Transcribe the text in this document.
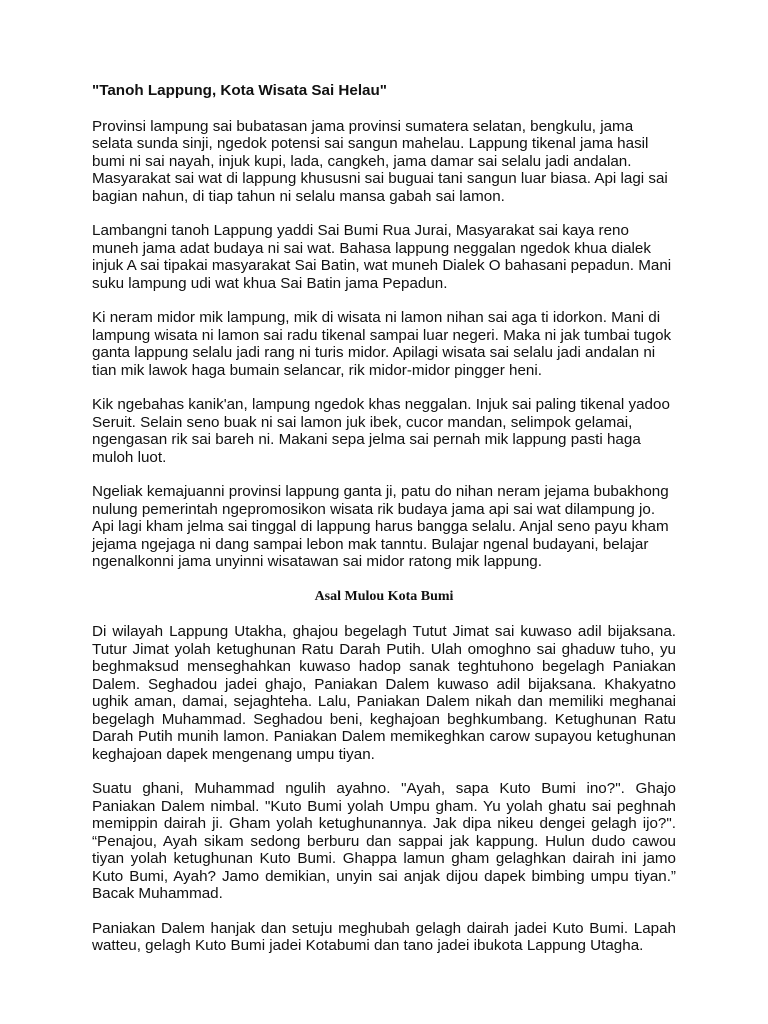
"Tanoh Lappung, Kota Wisata Sai Helau"

Provinsi lampung sai bubatasan jama provinsi sumatera selatan, bengkulu, jama selata sunda sinji, ngedok potensi sai sangun mahelau. Lappung tikenal jama hasil bumi ni sai nayah, injuk kupi, lada, cangkeh, jama damar sai selalu jadi andalan. Masyarakat sai wat di lappung khususni sai buguai tani sangun luar biasa. Api lagi sai bagian nahun, di tiap tahun ni selalu mansa gabah sai lamon.

Lambangni tanoh Lappung yaddi Sai Bumi Rua Jurai, Masyarakat sai kaya reno muneh jama adat budaya ni sai wat. Bahasa lappung neggalan ngedok khua dialek injuk A sai tipakai masyarakat Sai Batin, wat muneh Dialek O bahasani pepadun. Mani suku lampung udi wat khua Sai Batin jama Pepadun.

Ki neram midor mik lampung, mik di wisata ni lamon nihan sai aga ti idorkon. Mani di lampung wisata ni lamon sai radu tikenal sampai luar negeri. Maka ni jak tumbai tugok ganta lappung selalu jadi rang ni turis midor. Apilagi wisata sai selalu jadi andalan ni tian mik lawok haga bumain selancar, rik midor-midor pingger heni.

Kik ngebahas kanik'an, lampung ngedok khas neggalan. Injuk sai paling tikenal yadoo Seruit. Selain seno buak ni sai lamon juk ibek, cucor mandan, selimpok gelamai, ngengasan rik sai bareh ni. Makani sepa jelma sai pernah mik lappung pasti haga muloh luot.

Ngeliak kemajuanni provinsi lappung ganta ji, patu do nihan neram jejama bubakhong nulung pemerintah ngepromosikon wisata rik budaya jama api sai wat dilampung jo. Api lagi kham jelma sai tinggal di lappung harus bangga selalu. Anjal seno payu kham jejama ngejaga ni dang sampai lebon mak tanntu. Bulajar ngenal budayani, belajar ngenalkonni jama unyinni wisatawan sai midor ratong mik lappung.

Asal Mulou Kota Bumi

Di wilayah Lappung Utakha, ghajou begelagh Tutut Jimat sai kuwaso adil bijaksana. Tutur Jimat yolah ketughunan Ratu Darah Putih. Ulah omoghno sai ghaduw tuho, yu beghmaksud menseghahkan kuwaso hadop sanak teghtuhono begelagh Paniakan Dalem. Seghadou jadei ghajo, Paniakan Dalem kuwaso adil bijaksana. Khakyatno ughik aman, damai, sejaghteha. Lalu, Paniakan Dalem nikah dan memiliki meghanai begelagh Muhammad. Seghadou beni, keghajoan beghkumbang. Ketughunan Ratu Darah Putih munih lamon. Paniakan Dalem memikeghkan carow supayou ketughunan keghajoan dapek mengenang umpu tiyan.

Suatu ghani, Muhammad ngulih ayahno. "Ayah, sapa Kuto Bumi ino?". Ghajo Paniakan Dalem nimbal. "Kuto Bumi yolah Umpu gham. Yu yolah ghatu sai peghnah memippin dairah ji. Gham yolah ketughunannya. Jak dipa nikeu dengei gelagh ijo?". “Penajou, Ayah sikam sedong berburu dan sappai jak kappung. Hulun dudo cawou tiyan yolah ketughunan Kuto Bumi. Ghappa lamun gham gelaghkan dairah ini jamo Kuto Bumi, Ayah? Jamo demikian, unyin sai anjak dijou dapek bimbing umpu tiyan.” Bacak Muhammad.

Paniakan Dalem hanjak dan setuju meghubah gelagh dairah jadei Kuto Bumi. Lapah watteu, gelagh Kuto Bumi jadei Kotabumi dan tano jadei ibukota Lappung Utagha.
